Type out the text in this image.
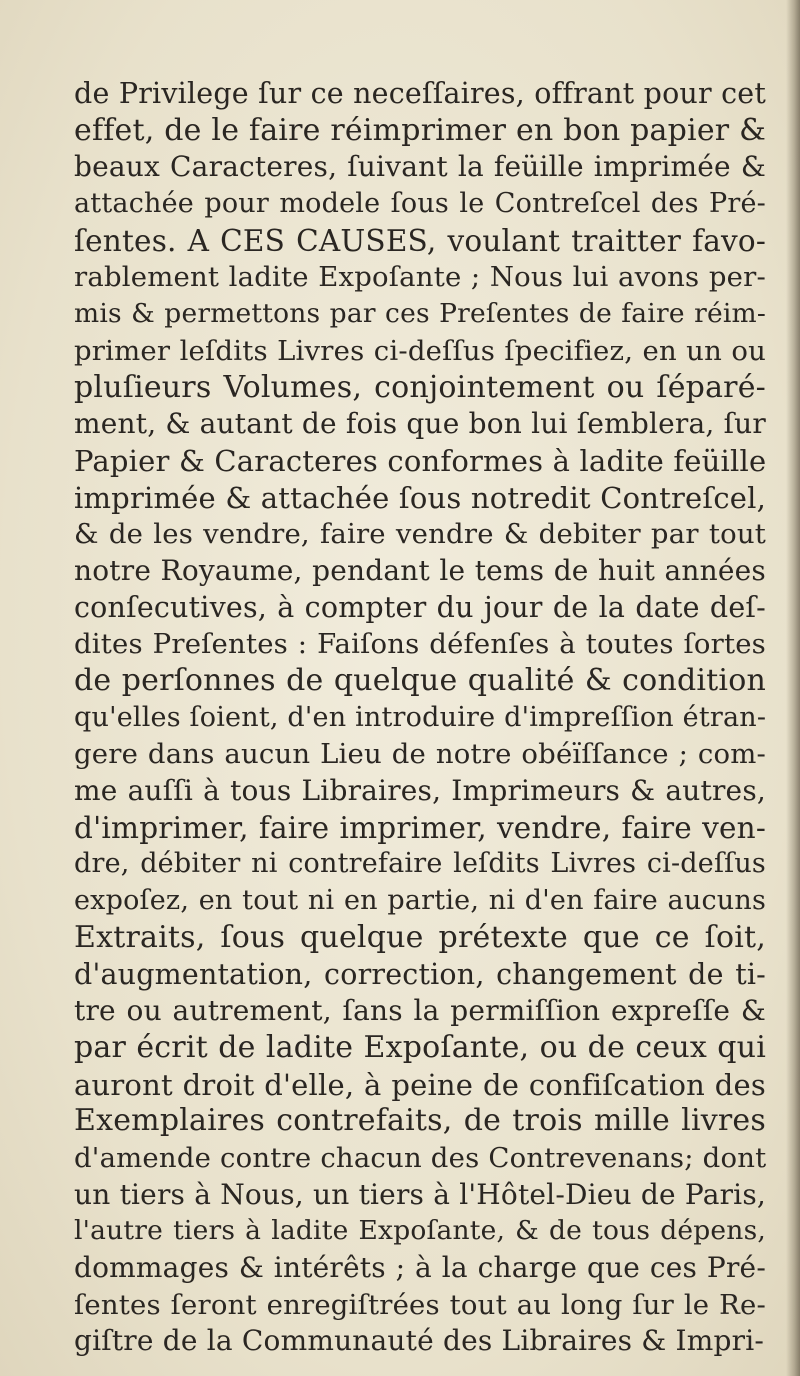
de Privilege ſur ce neceſſaires, offrant pour cet
effet, de le faire réimprimer en bon papier &
beaux Caracteres, ſuivant la feüille imprimée &
attachée pour modele ſous le Contreſcel des Pré-
ſentes. A CES CAUSES, voulant traitter favo-
rablement ladite Expoſante ; Nous lui avons per-
mis & permettons par ces Preſentes de faire réim-
primer leſdits Livres ci-deſſus ſpecifiez, en un ou
pluſieurs Volumes, conjointement ou ſéparé-
ment, & autant de fois que bon lui ſemblera, ſur
Papier & Caracteres conformes à ladite feüille
imprimée & attachée ſous notredit Contreſcel,
& de les vendre, faire vendre & debiter par tout
notre Royaume, pendant le tems de huit années
conſecutives, à compter du jour de la date deſ-
dites Preſentes : Faiſons défenſes à toutes ſortes
de perſonnes de quelque qualité & condition
qu'elles ſoient, d'en introduire d'impreſſion étran-
gere dans aucun Lieu de notre obéïſſance ; com-
me auſſi à tous Libraires, Imprimeurs & autres,
d'imprimer, faire imprimer, vendre, faire ven-
dre, débiter ni contrefaire leſdits Livres ci-deſſus
expoſez, en tout ni en partie, ni d'en faire aucuns
Extraits, ſous quelque prétexte que ce ſoit,
d'augmentation, correction, changement de ti-
tre ou autrement, ſans la permiſſion expreſſe &
par écrit de ladite Expoſante, ou de ceux qui
auront droit d'elle, à peine de confiſcation des
Exemplaires contrefaits, de trois mille livres
d'amende contre chacun des Contrevenans; dont
un tiers à Nous, un tiers à l'Hôtel-Dieu de Paris,
l'autre tiers à ladite Expoſante, & de tous dépens,
dommages & intérêts ; à la charge que ces Pré-
ſentes ſeront enregiſtrées tout au long ſur le Re-
giſtre de la Communauté des Libraires & Impri-
